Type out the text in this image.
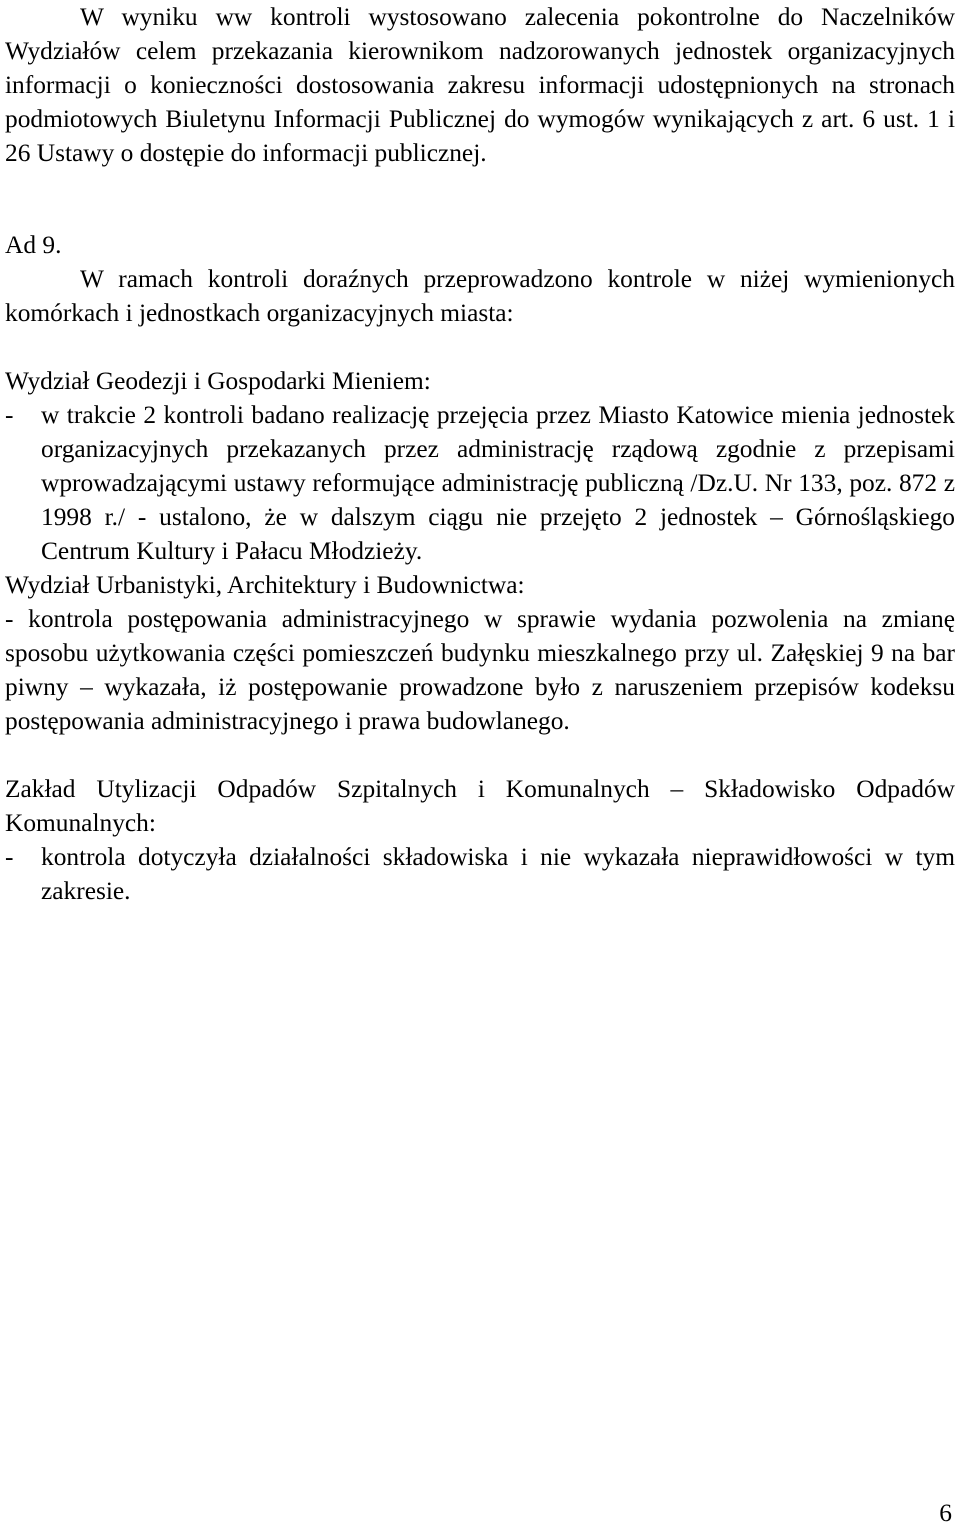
W wyniku ww kontroli wystosowano zalecenia pokontrolne do Naczelników Wydziałów celem przekazania kierownikom nadzorowanych jednostek organizacyjnych informacji o konieczności dostosowania zakresu informacji udostępnionych na stronach podmiotowych Biuletynu Informacji Publicznej do wymogów wynikających z art. 6 ust. 1 i 26 Ustawy o dostępie do informacji publicznej.

Ad 9.

W ramach kontroli doraźnych przeprowadzono kontrole w niżej wymienionych komórkach i jednostkach organizacyjnych miasta:

Wydział Geodezji i Gospodarki Mieniem:
-	w trakcie 2 kontroli badano realizację przejęcia przez Miasto Katowice mienia jednostek organizacyjnych przekazanych przez administrację rządową zgodnie z przepisami wprowadzającymi ustawy reformujące administrację publiczną /Dz.U. Nr 133, poz. 872 z 1998 r./ - ustalono, że w dalszym ciągu nie przejęto 2 jednostek – Górnośląskiego Centrum Kultury i Pałacu Młodzieży.
Wydział Urbanistyki, Architektury i Budownictwa:

- kontrola postępowania administracyjnego w sprawie wydania pozwolenia na zmianę sposobu użytkowania części pomieszczeń budynku mieszkalnego przy ul. Załęskiej 9 na bar piwny – wykazała, iż postępowanie prowadzone było z naruszeniem przepisów kodeksu postępowania administracyjnego i prawa budowlanego.

Zakład Utylizacji Odpadów Szpitalnych i Komunalnych – Składowisko Odpadów Komunalnych:
-	kontrola dotyczyła działalności składowiska i nie wykazała nieprawidłowości w tym zakresie.
6
